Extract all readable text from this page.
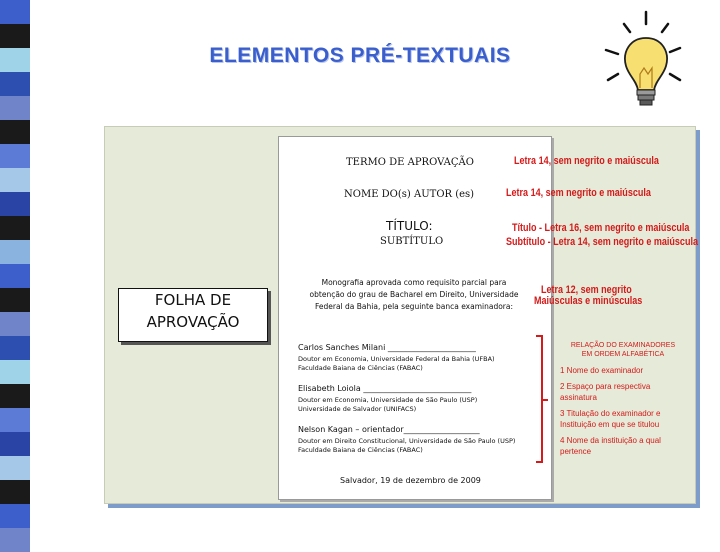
ELEMENTOS PRÉ-TEXTUAIS
FOLHA DE
APROVAÇÃO
TERMO DE APROVAÇÃO
NOME DO(s) AUTOR (es)
TÍTULO:
SUBTÍTULO
Monografia aprovada como requisito parcial para
obtenção do grau de Bacharel em Direito, Universidade
Federal da Bahia, pela seguinte banca examinadora:
Carlos Sanches Milani ______________________
Doutor em Economia, Universidade Federal da Bahia (UFBA)
Faculdade Baiana de Ciências (FABAC)
Elisabeth Loiola ___________________________
Doutor em Economia, Universidade de São Paulo (USP)
Universidade de Salvador (UNIFACS)
Nelson Kagan – orientador___________________
Doutor em Direito Constitucional, Universidade de São Paulo (USP)
Faculdade Baiana de Ciências (FABAC)
Salvador, 19 de dezembro de 2009
Letra 14, sem negrito e maiúscula
Letra 14, sem negrito e maiúscula
Título - Letra 16, sem negrito e maiúscula
Subtítulo - Letra 14, sem negrito e maiúscula
Letra 12, sem negrito
Maiúsculas e minúsculas
RELAÇÃO DO EXAMINADORES
EM ORDEM ALFABÉTICA
1 Nome do examinador
2 Espaço para respectiva
assinatura
3 Titulação do examinador e
Instituição em que se titulou
4 Nome da instituição a qual
pertence
